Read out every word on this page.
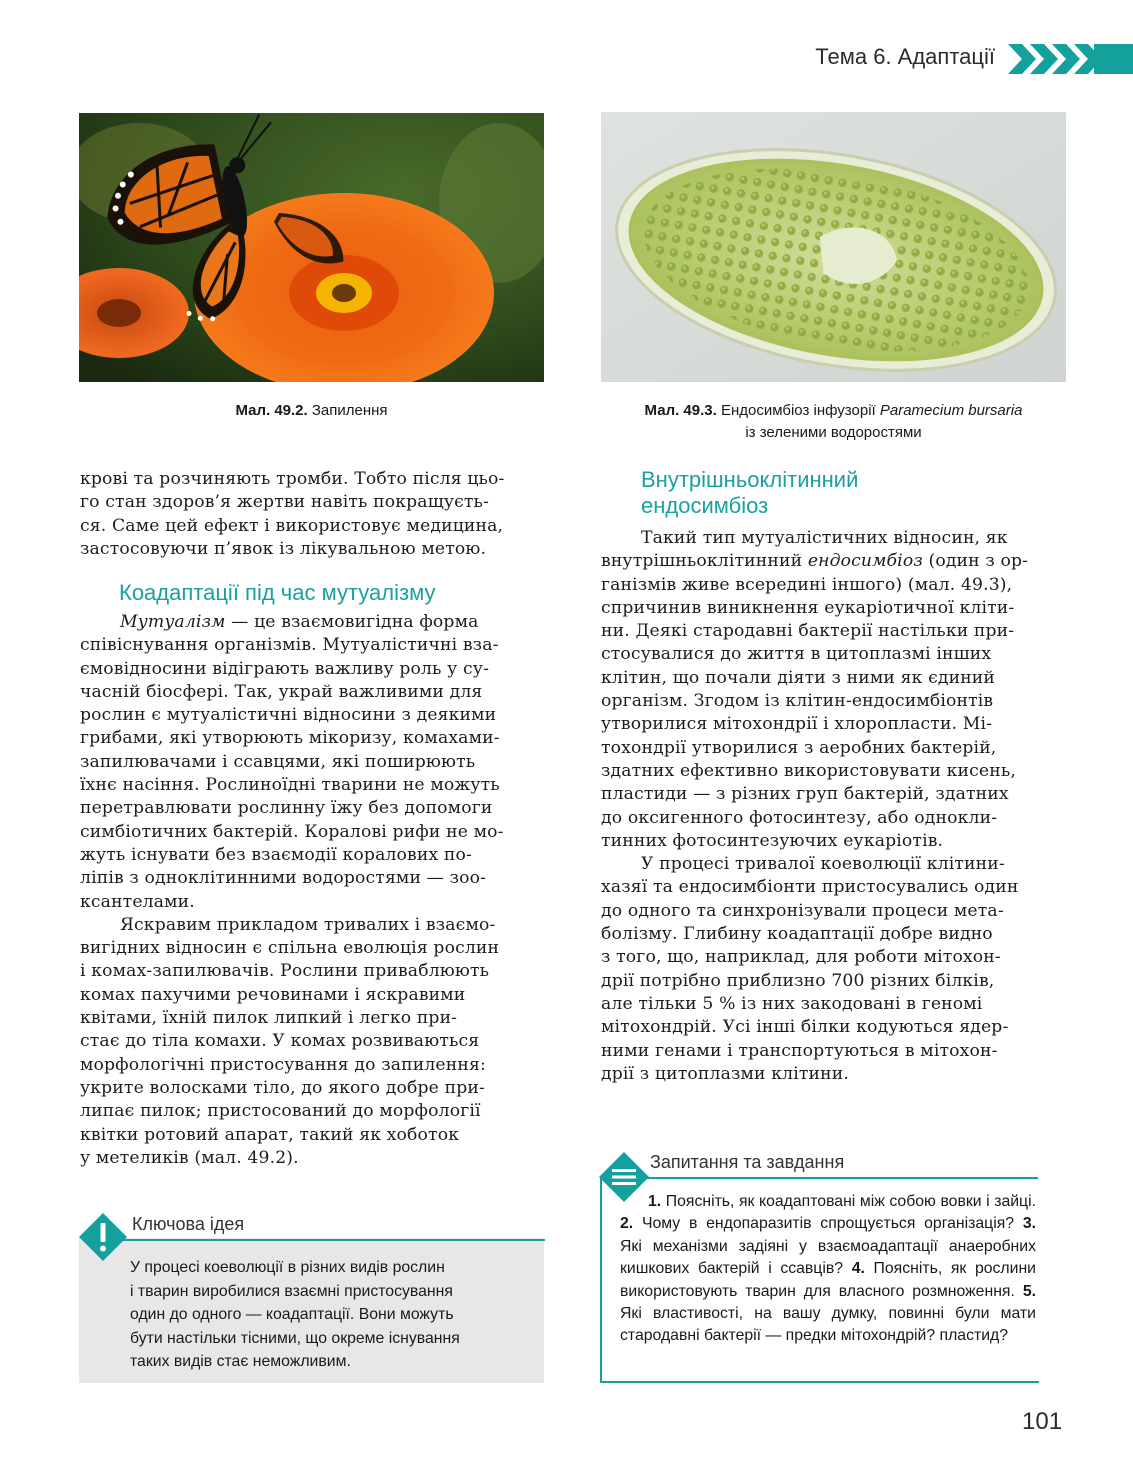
Тема 6. Адаптації
Мал. 49.2. Запилення	Мал. 49.3. Ендосимбіоз інфузорії Paramecium bursaria
із зеленими водоростями

крові та розчиняють тромби. Тобто після цьо-

го стан здоров’я жертви навіть покращуєть-

ся. Саме цей ефект і використовує медицина,

застосовуючи п’явок із лікувальною метою.

Коадаптації під час мутуалізму

Мутуалізм — це взаємовигідна форма

співіснування організмів. Мутуалістичні вза-

ємовідносини відіграють важливу роль у су-

часній біосфері. Так, украй важливими для

рослин є мутуалістичні відносини з деякими

грибами, які утворюють мікоризу, комахами-

запилювачами і ссавцями, які поширюють

їхнє насіння. Рослиноїдні тварини не можуть

перетравлювати рослинну їжу без допомоги

симбіотичних бактерій. Коралові рифи не мо-

жуть існувати без взаємодії коралових по-

ліпів з одноклітинними водоростями — зоо-

ксантелами.

Яскравим прикладом тривалих і взаємо-

вигідних відносин є спільна еволюція рослин

і комах-запилювачів. Рослини приваблюють

комах пахучими речовинами і яскравими

квітами, їхній пилок липкий і легко при-

стає до тіла комахи. У комах розвиваються

морфологічні пристосування до запилення:

укрите волосками тіло, до якого добре при-

липає пилок; пристосований до морфології

квітки ротовий апарат, такий як хоботок

у метеликів (мал. 49.2).

Ключова ідея
У процесі коеволюції в різних видів рослин
і тварин виробилися взаємні пристосування
один до одного — коадаптації. Вони можуть
бути настільки тісними, що окреме існування
таких видів стає неможливим.
Внутрішньоклітинний
ендосимбіоз

Такий тип мутуалістичних відносин, як

внутрішньоклітинний ендосимбіоз (один з ор-

ганізмів живе всередині іншого) (мал. 49.3),

спричинив виникнення еукаріотичної кліти-

ни. Деякі стародавні бактерії настільки при-

стосувалися до життя в цитоплазмі інших

клітин, що почали діяти з ними як єдиний

організм. Згодом із клітин-ендосимбіонтів

утворилися мітохондрії і хлоропласти. Мі-

тохондрії утворилися з аеробних бактерій,

здатних ефективно використовувати кисень,

пластиди — з різних груп бактерій, здатних

до оксигенного фотосинтезу, або однокли-

тинних фотосинтезуючих еукаріотів.

У процесі тривалої коеволюції клітини-

хазяї та ендосимбіонти пристосувались один

до одного та синхронізували процеси мета-

болізму. Глибину коадаптації добре видно

з того, що, наприклад, для роботи мітохон-

дрії потрібно приблизно 700 різних білків,

але тільки 5 % із них закодовані в геномі

мітохондрій. Усі інші білки кодуються ядер-

ними генами і транспортуються в мітохон-

дрії з цитоплазми клітини.

Запитання та завдання
1. Поясніть, як коадаптовані між собою вовки і зайці. 2. Чому в ендопаразитів спрощується організація? 3. Які механізми задіяні у взаємоадаптації анаеробних кишкових бактерій і ссавців? 4. Поясніть, як рослини використовують тварин для власного розмноження. 5. Які властивості, на вашу думку, повинні були мати стародавні бактерії — предки мітохондрій? пластид?
101
